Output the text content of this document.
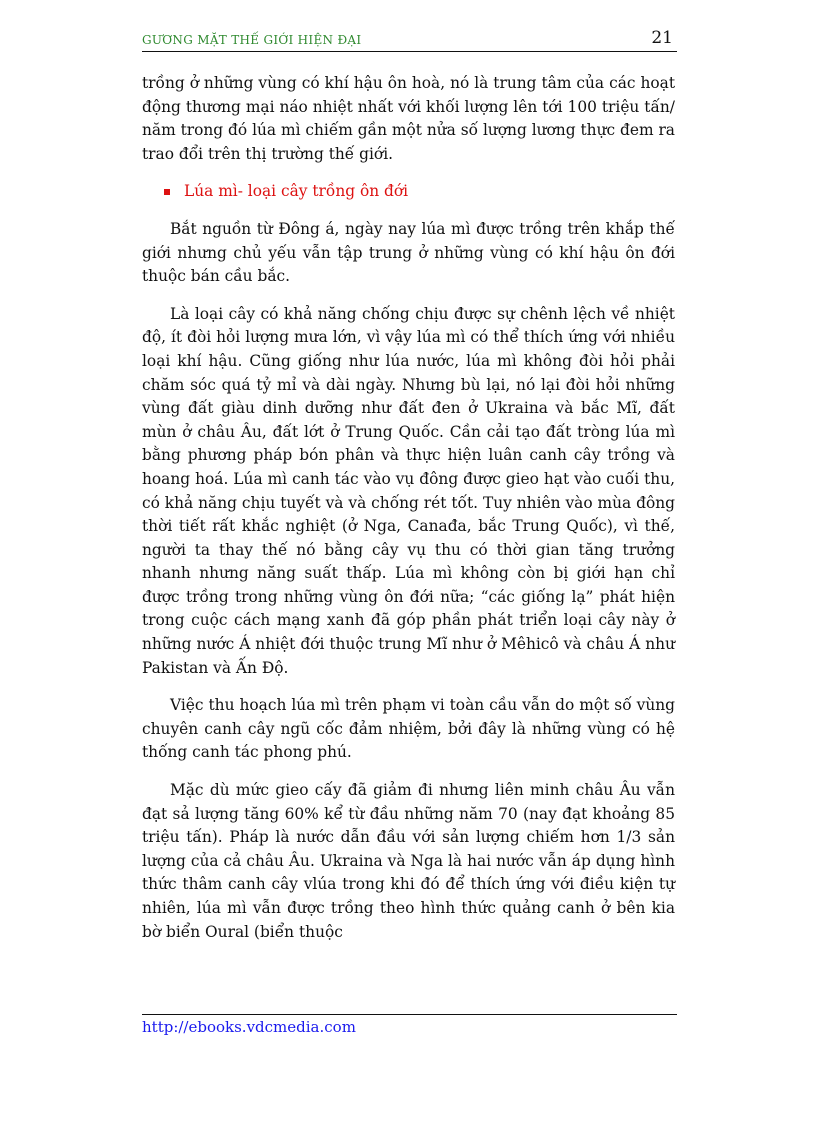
GƯƠNG MẶT THẾ GIỚI HIỆN ĐẠI	21

trồng ở những vùng có khí hậu ôn hoà, nó là trung tâm của các hoạt động thương mại náo nhiệt nhất với khối lượng lên tới 100 triệu tấn/ năm trong đó lúa mì chiếm gần một nửa số lượng lương thực đem ra trao đổi trên thị trường thế giới.

Lúa mì- loại cây trồng ôn đới

Bắt nguồn từ Đông á, ngày nay lúa mì được trồng trên khắp thế giới nhưng chủ yếu vẫn tập trung ở những vùng có khí hậu ôn đới thuộc bán cầu bắc.

Là loại cây có khả năng chống chịu được sự chênh lệch về nhiệt độ, ít đòi hỏi lượng mưa lớn, vì vậy lúa mì có thể thích ứng với nhiều loại khí hậu. Cũng giống như lúa nước, lúa mì không đòi hỏi phải chăm sóc quá tỷ mỉ và dài ngày. Nhưng bù lại, nó lại đòi hỏi những vùng đất giàu dinh dưỡng như đất đen ở Ukraina và bắc Mĩ, đất mùn ở châu Âu, đất lớt ở Trung Quốc. Cần cải tạo đất tròng lúa mì bằng phương pháp bón phân và thực hiện luân canh cây trồng và hoang hoá. Lúa mì canh tác vào vụ đông được gieo hạt vào cuối thu, có khả năng chịu tuyết và và chống rét tốt. Tuy nhiên vào mùa đông thời tiết rất khắc nghiệt (ở Nga, Canađa, bắc Trung Quốc), vì thế, người ta thay thế nó bằng cây vụ thu có thời gian tăng trưởng nhanh nhưng năng suất thấp. Lúa mì không còn bị giới hạn chỉ được trồng trong những vùng ôn đới nữa; “các giống lạ” phát hiện trong cuộc cách mạng xanh đã góp phần phát triển loại cây này ở những nước Á nhiệt đới thuộc trung Mĩ như ở Mêhicô và châu Á như Pakistan và Ấn Độ.

Việc thu hoạch lúa mì trên phạm vi toàn cầu vẫn do một số vùng chuyên canh cây ngũ cốc đảm nhiệm, bởi đây là những vùng có hệ thống canh tác phong phú.

Mặc dù mức gieo cấy đã giảm đi nhưng liên minh châu Âu vẫn đạt sả lượng tăng 60% kể từ đầu những năm 70 (nay đạt khoảng 85 triệu tấn). Pháp là nước dẫn đầu với sản lượng chiếm hơn 1/3 sản lượng của cả châu Âu. Ukraina và Nga là hai nước vẫn áp dụng hình thức thâm canh cây vlúa trong khi đó để thích ứng với điều kiện tự nhiên, lúa mì vẫn được trồng theo hình thức quảng canh ở bên kia bờ biển Oural (biển thuộc

http://ebooks.vdcmedia.com
